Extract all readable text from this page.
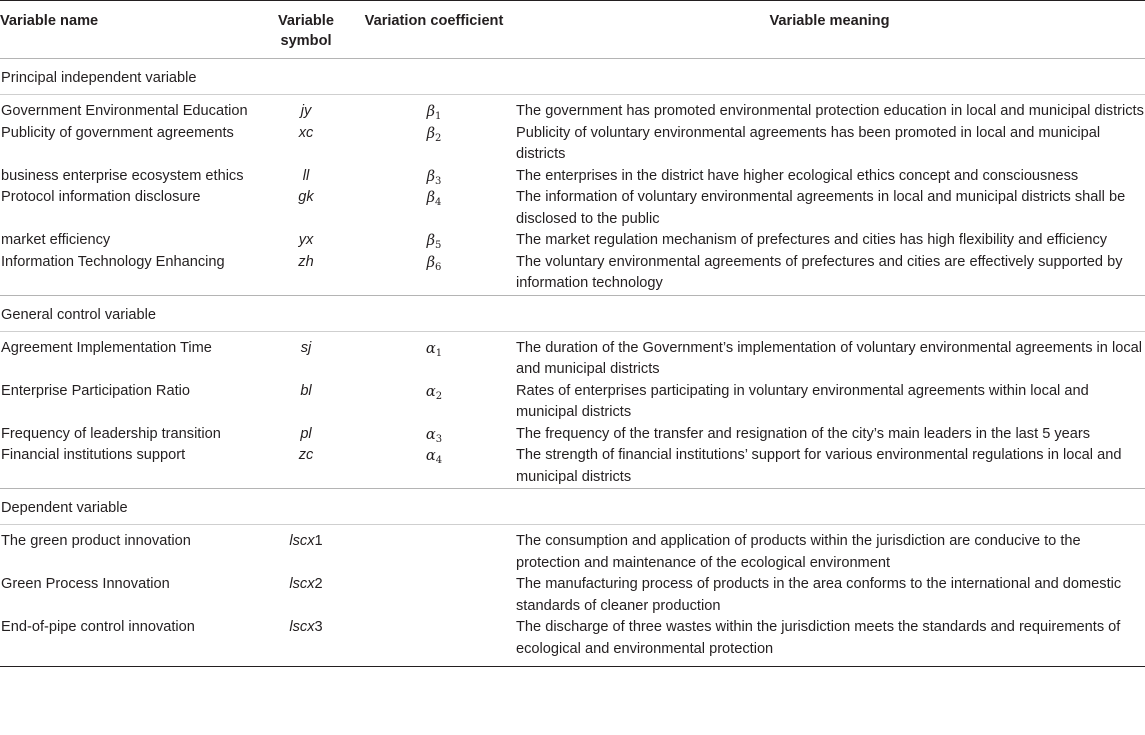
Variable name	Variable symbol	Variation coefficient	Variable meaning
Principal independent variable			
Government Environmental Education	jy	$\beta_1$	The government has promoted environmental protection education in local and municipal districts
Publicity of government agreements	xc	$\beta_2$	Publicity of voluntary environmental agreements has been promoted in local and municipal districts
business enterprise ecosystem ethics	ll	$\beta_3$	The enterprises in the district have higher ecological ethics concept and consciousness
Protocol information disclosure	gk	$\beta_4$	The information of voluntary environmental agreements in local and municipal districts shall be disclosed to the public
market efficiency	yx	$\beta_5$	The market regulation mechanism of prefectures and cities has high flexibility and efficiency
Information Technology Enhancing	zh	$\beta_6$	The voluntary environmental agreements of prefectures and cities are effectively supported by information technology
General control variable			
Agreement Implementation Time	sj	$\alpha_1$	The duration of the Government’s implementation of voluntary environmental agreements in local and municipal districts
Enterprise Participation Ratio	bl	$\alpha_2$	Rates of enterprises participating in voluntary environmental agreements within local and municipal districts
Frequency of leadership transition	pl	$\alpha_3$	The frequency of the transfer and resignation of the city’s main leaders in the last 5 years
Financial institutions support	zc	$\alpha_4$	The strength of financial institutions’ support for various environmental regulations in local and municipal districts
Dependent variable			
The green product innovation	lscx1		The consumption and application of products within the jurisdiction are conducive to the protection and maintenance of the ecological environment
Green Process Innovation	lscx2		The manufacturing process of products in the area conforms to the international and domestic standards of cleaner production
End-of-pipe control innovation	lscx3		The discharge of three wastes within the jurisdiction meets the standards and requirements of ecological and environmental protection
